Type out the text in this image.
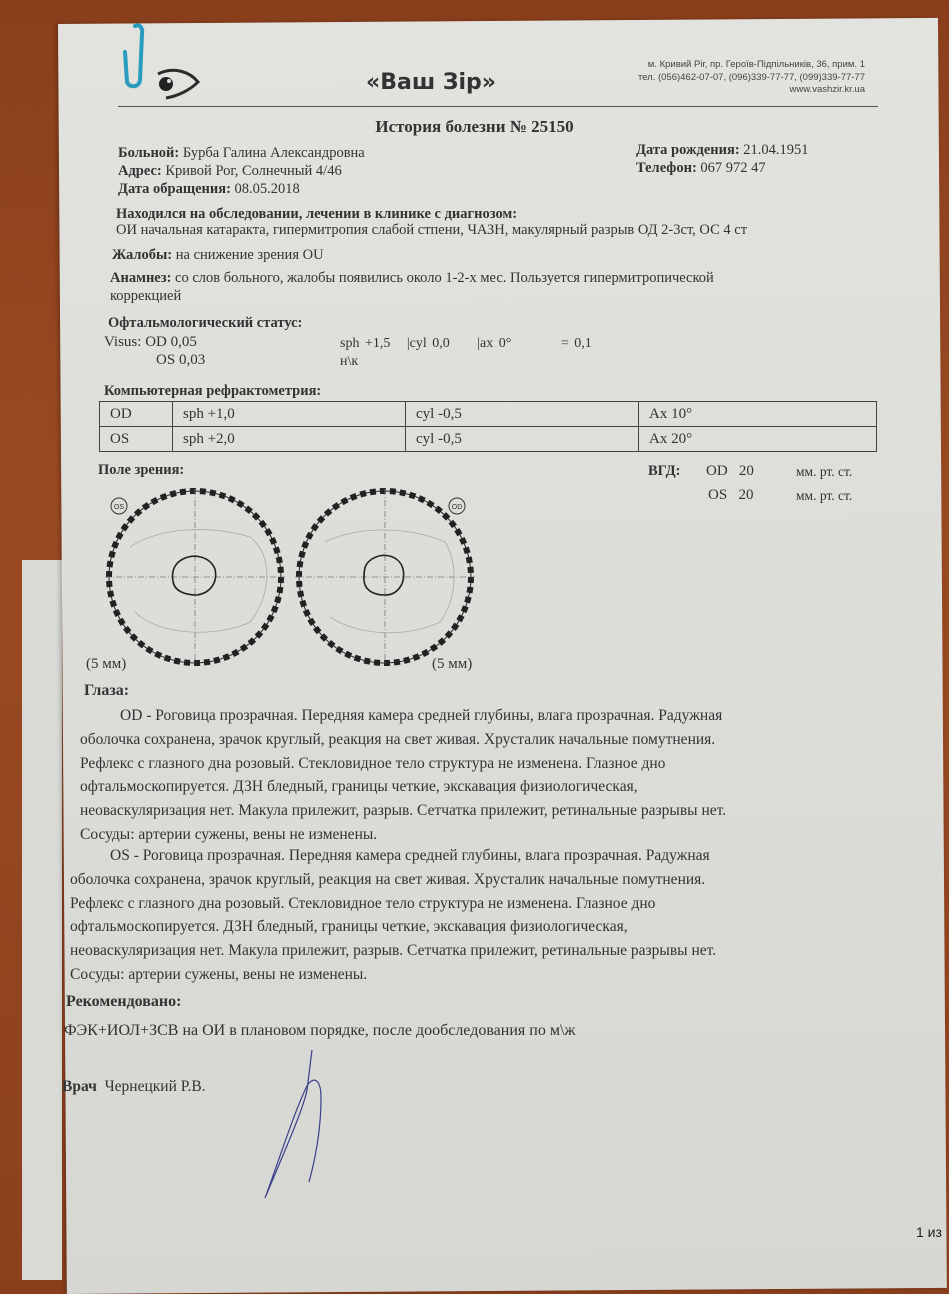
«Ваш Зір»
м. Кривий Ріг, пр. Героїв-Підпільників, 36, прим. 1
тел. (056)462-07-07, (096)339-77-77, (099)339-77-77
www.vashzir.kr.ua
История болезни № 25150
Больной: Бурба Галина Александровна
Адрес: Кривой Рог, Солнечный 4/46
Дата обращения: 08.05.2018
Дата рождения: 21.04.1951
Телефон: 067 972 47
Находился на обследовании, лечении в клинике с диагнозом:
ОИ начальная катаракта, гипермитропия слабой стпени, ЧАЗН, макулярный разрыв ОД 2-3ст, ОС 4 ст
Жалобы: на снижение зрения OU
Анамнез: со слов больного, жалобы появились около 1-2-х мес. Пользуется гипермитропической
коррекцией
Офтальмологический статус:
Visus: OD 0,05	sph +1,5 |cyl 0,0 |ax 0°	= 0,1
OS 0,03	н\к
Компьютерная рефрактометрия:
OD	sph +1,0	cyl -0,5	Ax 10°
OS	sph +2,0	cyl -0,5	Ax 20°
Поле зрения:
OS	OD
(5 мм)	(5 мм)
ВГД: OD 20	мм. рт. ст.
OS 20	мм. рт. ст.
Глаза:
OD - Роговица прозрачная. Передняя камера средней глубины, влага прозрачная. Радужная
оболочка сохранена, зрачок круглый, реакция на свет живая. Хрусталик начальные помутнения.
Рефлекс с глазного дна розовый. Стекловидное тело структура не изменена. Глазное дно
офтальмоскопируется. ДЗН бледный, границы четкие, экскавация физиологическая,
неоваскуляризация нет. Макула прилежит, разрыв. Сетчатка прилежит, ретинальные разрывы нет.
Сосуды: артерии сужены, вены не изменены.
OS - Роговица прозрачная. Передняя камера средней глубины, влага прозрачная. Радужная
оболочка сохранена, зрачок круглый, реакция на свет живая. Хрусталик начальные помутнения.
Рефлекс с глазного дна розовый. Стекловидное тело структура не изменена. Глазное дно
офтальмоскопируется. ДЗН бледный, границы четкие, экскавация физиологическая,
неоваскуляризация нет. Макула прилежит, разрыв. Сетчатка прилежит, ретинальные разрывы нет.
Сосуды: артерии сужены, вены не изменены.
Рекомендовано:
ФЭК+ИОЛ+ЗСВ на ОИ в плановом порядке, после дообследования по м\ж
Врач Чернецкий Р.В.
1 из
